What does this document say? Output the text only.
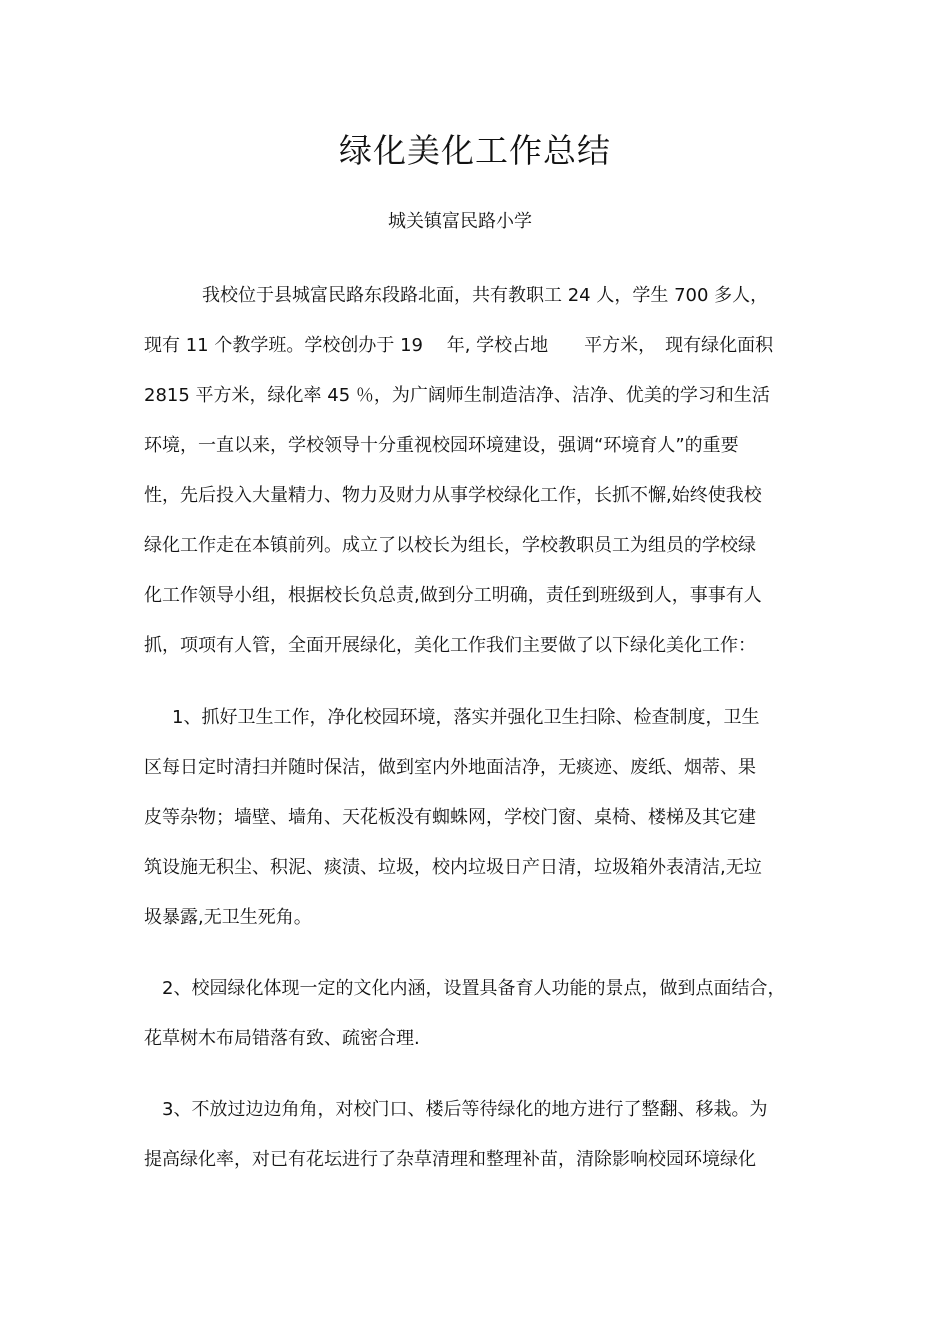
绿化美化工作总结

城关镇富民路小学

我校位于县城富民路东段路北面，共有教职工 24 人，学生 700 多人，

现有 11 个教学班。学校创办于 19　 年, 学校占地　　平方米，　现有绿化面积

2815 平方米，绿化率 45 ％，为广阔师生制造洁净、洁净、优美的学习和生活

环境，一直以来，学校领导十分重视校园环境建设，强调“环境育人”的重要

性，先后投入大量精力、物力及财力从事学校绿化工作，长抓不懈,始终使我校

绿化工作走在本镇前列。成立了以校长为组长，学校教职员工为组员的学校绿

化工作领导小组，根据校长负总责,做到分工明确，责任到班级到人，事事有人

抓，项项有人管，全面开展绿化，美化工作我们主要做了以下绿化美化工作：

1、抓好卫生工作，净化校园环境，落实并强化卫生扫除、检查制度，卫生

区每日定时清扫并随时保洁，做到室内外地面洁净，无痰迹、废纸、烟蒂、果

皮等杂物；墙壁、墙角、天花板没有蜘蛛网，学校门窗、桌椅、楼梯及其它建

筑设施无积尘、积泥、痰渍、垃圾，校内垃圾日产日清，垃圾箱外表清洁,无垃

圾暴露,无卫生死角。

2、校园绿化体现一定的文化内涵，设置具备育人功能的景点，做到点面结合，

花草树木布局错落有致、疏密合理.

3、不放过边边角角，对校门口、楼后等待绿化的地方进行了整翻、移栽。为

提高绿化率，对已有花坛进行了杂草清理和整理补苗，清除影响校园环境绿化
